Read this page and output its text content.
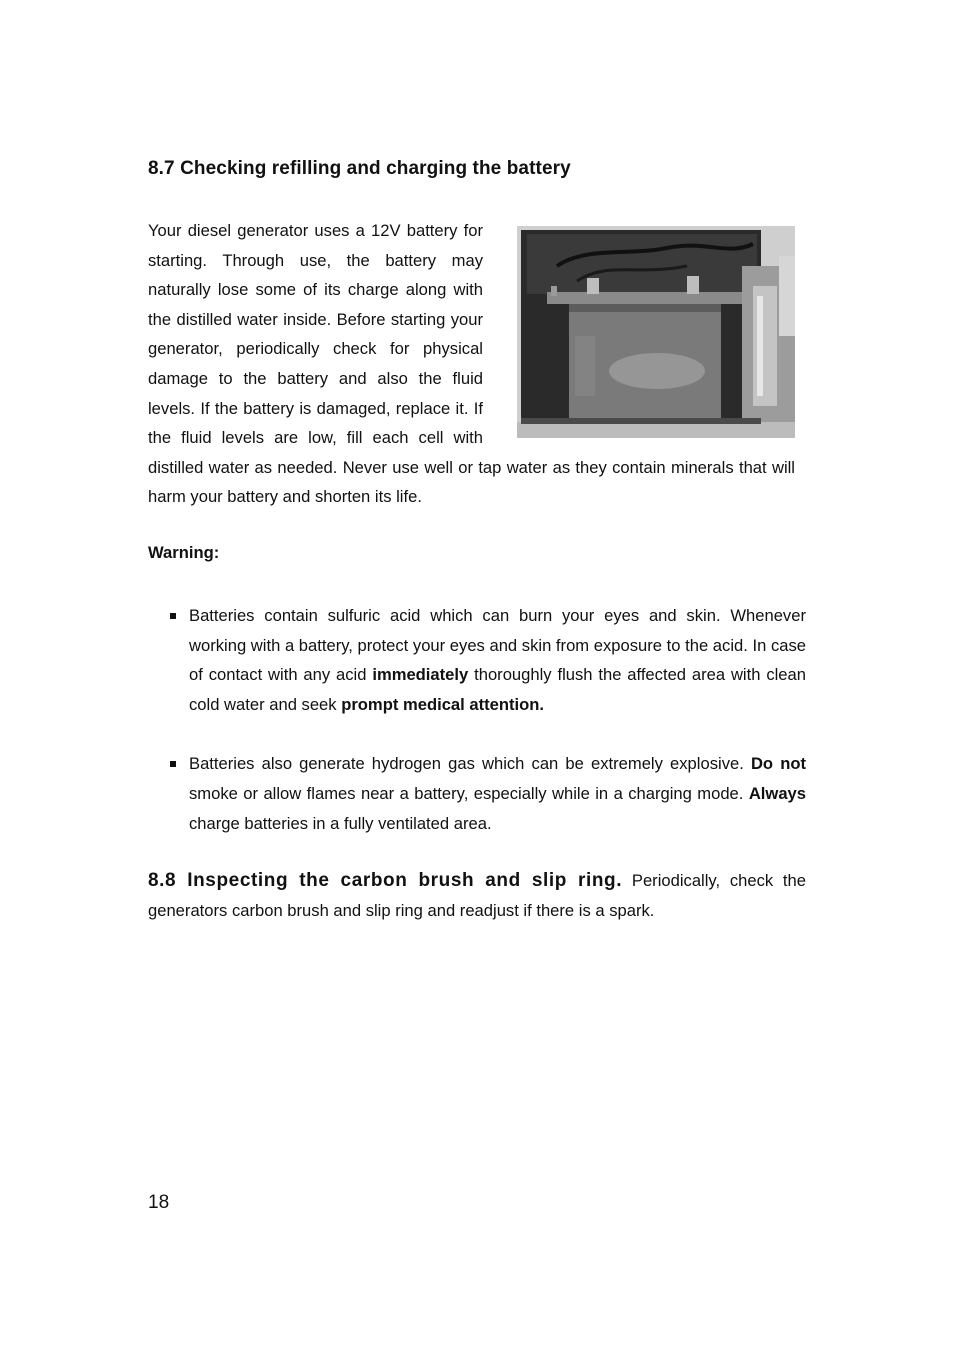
8.7 Checking refilling and charging the battery

Your diesel generator uses a 12V battery for starting. Through use, the battery may naturally lose some of its charge along with the distilled water inside. Before starting your generator, periodically check for physical damage to the battery and also the fluid levels. If the battery is damaged, replace it. If the fluid levels are low, fill each cell with distilled water as needed. Never use well or tap water as they contain minerals that will harm your battery and shorten its life.

Warning:

Batteries contain sulfuric acid which can burn your eyes and skin. Whenever working with a battery, protect your eyes and skin from exposure to the acid. In case of contact with any acid immediately thoroughly flush the affected area with clean cold water and seek prompt medical attention.
Batteries also generate hydrogen gas which can be extremely explosive. Do not smoke or allow flames near a battery, especially while in a charging mode. Always charge batteries in a fully ventilated area.

8.8 Inspecting the carbon brush and slip ring. Periodically, check the generators carbon brush and slip ring and readjust if there is a spark.

18
